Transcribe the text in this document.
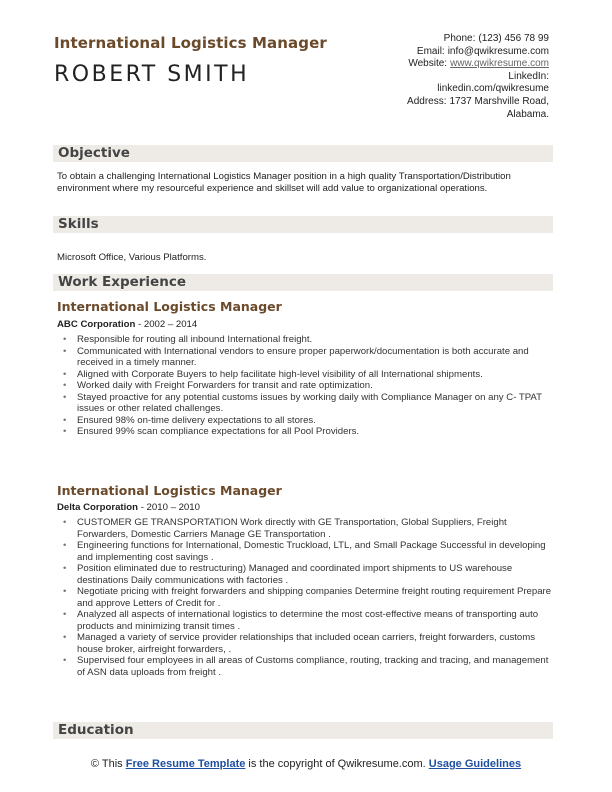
International Logistics Manager
ROBERT SMITH
Phone: (123) 456 78 99
Email: info@qwikresume.com
Website: www.qwikresume.com
LinkedIn:
linkedin.com/qwikresume
Address: 1737 Marshville Road, Alabama.
Objective
To obtain a challenging International Logistics Manager position in a high quality Transportation/Distribution environment where my resourceful experience and skillset will add value to organizational operations.
Skills
Microsoft Office, Various Platforms.
Work Experience
International Logistics Manager
ABC Corporation - 2002 – 2014
• Responsible for routing all inbound International freight.
• Communicated with International vendors to ensure proper paperwork/documentation is both accurate and received in a timely manner.
• Aligned with Corporate Buyers to help facilitate high-level visibility of all International shipments.
• Worked daily with Freight Forwarders for transit and rate optimization.
• Stayed proactive for any potential customs issues by working daily with Compliance Manager on any C- TPAT issues or other related challenges.
• Ensured 98% on-time delivery expectations to all stores.
• Ensured 99% scan compliance expectations for all Pool Providers.
International Logistics Manager
Delta Corporation - 2010 – 2010
• CUSTOMER GE TRANSPORTATION Work directly with GE Transportation, Global Suppliers, Freight Forwarders, Domestic Carriers Manage GE Transportation .
• Engineering functions for International, Domestic Truckload, LTL, and Small Package Successful in developing and implementing cost savings .
• Position eliminated due to restructuring) Managed and coordinated import shipments to US warehouse destinations Daily communications with factories .
• Negotiate pricing with freight forwarders and shipping companies Determine freight routing requirement Prepare and approve Letters of Credit for .
• Analyzed all aspects of international logistics to determine the most cost-effective means of transporting auto products and minimizing transit times .
• Managed a variety of service provider relationships that included ocean carriers, freight forwarders, customs house broker, airfreight forwarders, .
• Supervised four employees in all areas of Customs compliance, routing, tracking and tracing, and management of ASN data uploads from freight .
Education
© This Free Resume Template is the copyright of Qwikresume.com. Usage Guidelines
